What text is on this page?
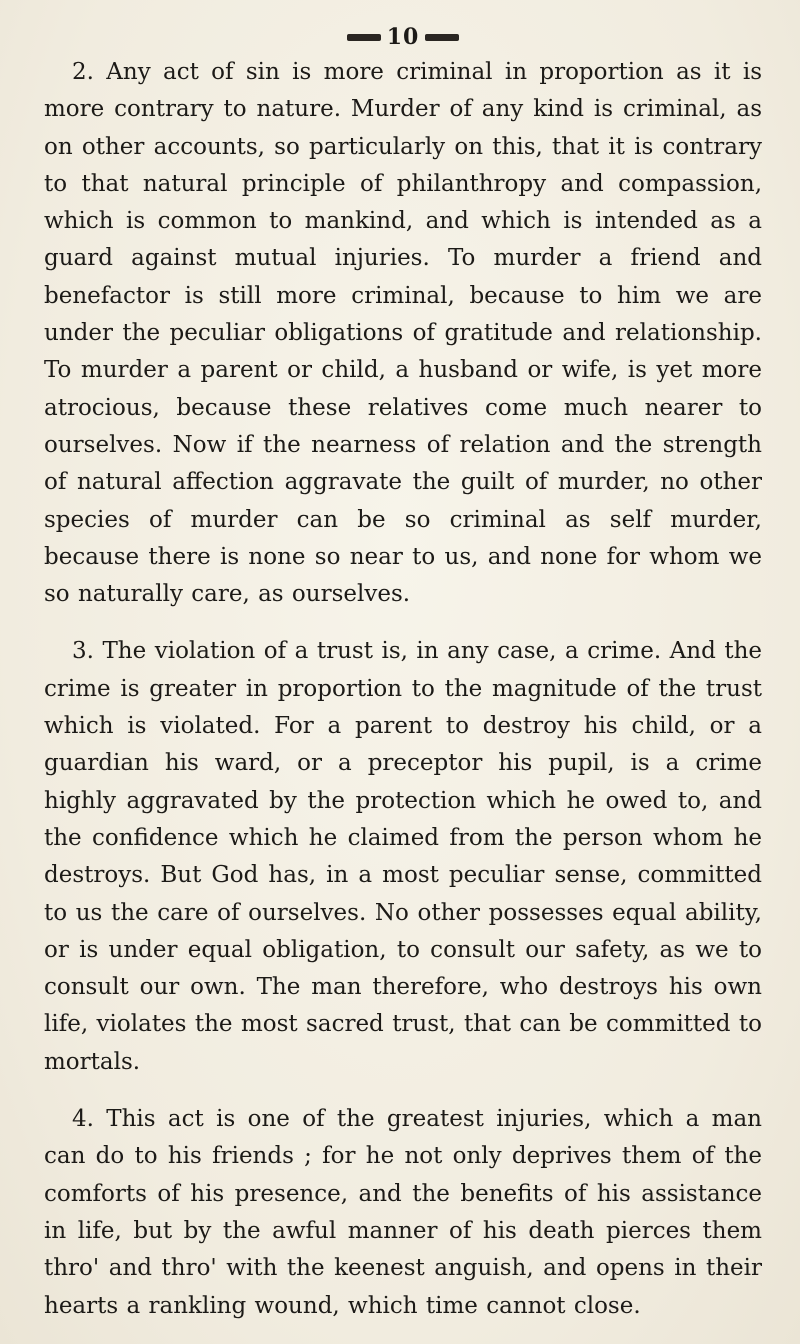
10

2. Any act of sin is more criminal in proportion as it is more contrary to nature. Murder of any kind is criminal, as on other accounts, so particularly on this, that it is contrary to that natural principle of philanthropy and compassion, which is common to mankind, and which is intended as a guard against mutual injuries. To murder a friend and benefactor is still more criminal, because to him we are under the peculiar obligations of gratitude and relationship. To murder a parent or child, a husband or wife, is yet more atrocious, because these relatives come much nearer to ourselves. Now if the nearness of relation and the strength of natural affection aggravate the guilt of murder, no other species of murder can be so criminal as self murder, because there is none so near to us, and none for whom we so naturally care, as ourselves.

3. The violation of a trust is, in any case, a crime. And the crime is greater in proportion to the magnitude of the trust which is violated. For a parent to destroy his child, or a guardian his ward, or a preceptor his pupil, is a crime highly aggravated by the protection which he owed to, and the confidence which he claimed from the person whom he destroys. But God has, in a most peculiar sense, committed to us the care of ourselves. No other possesses equal ability, or is under equal obligation, to consult our safety, as we to consult our own. The man therefore, who destroys his own life, violates the most sacred trust, that can be committed to mortals.

4. This act is one of the greatest injuries, which a man can do to his friends ; for he not only deprives them of the comforts of his presence, and the benefits of his assistance in life, but by the awful manner of his death pierces them thro' and thro' with the keenest anguish, and opens in their hearts a rankling wound, which time cannot close.
